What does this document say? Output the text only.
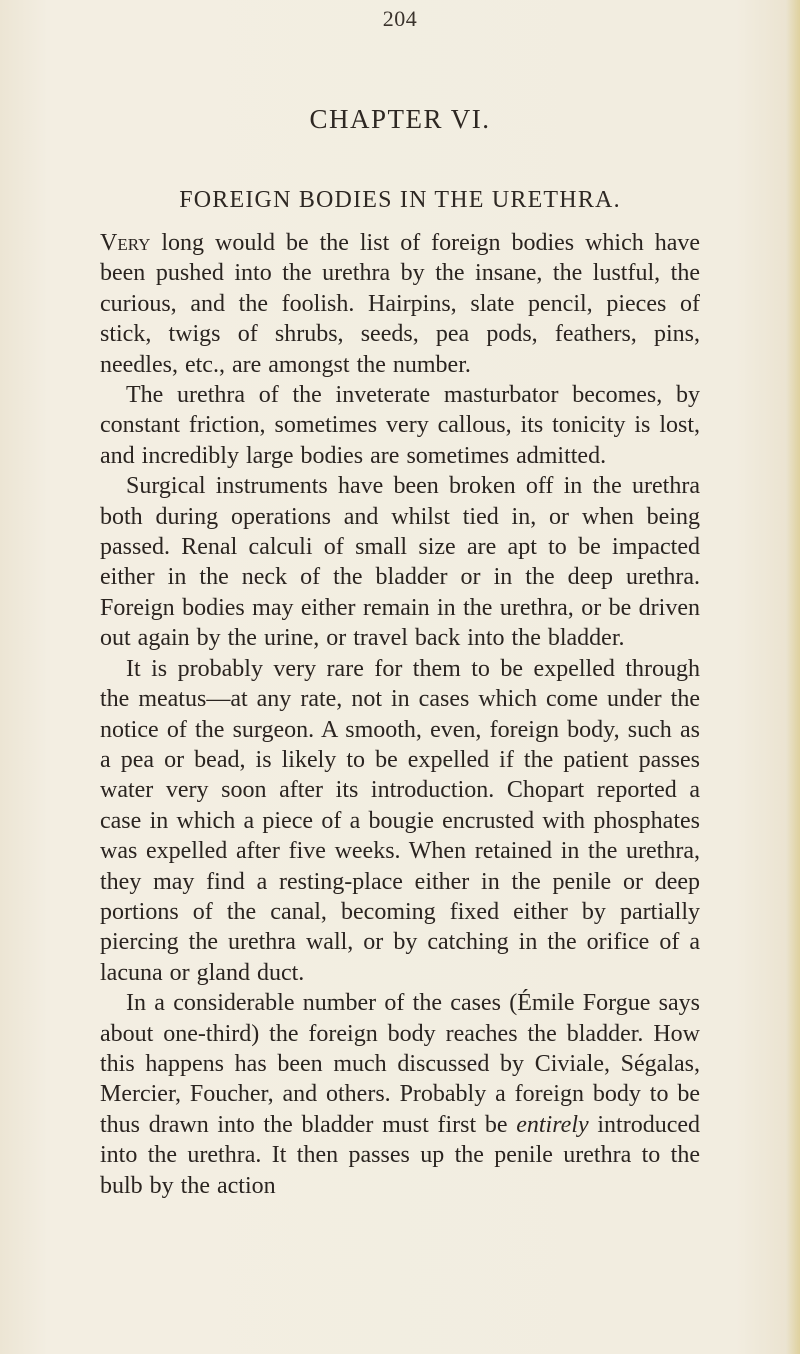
204
CHAPTER VI.
FOREIGN BODIES IN THE URETHRA.

Very long would be the list of foreign bodies which have been pushed into the urethra by the insane, the lustful, the curious, and the foolish. Hairpins, slate pencil, pieces of stick, twigs of shrubs, seeds, pea pods, feathers, pins, needles, etc., are amongst the number.

The urethra of the inveterate masturbator becomes, by constant friction, sometimes very callous, its tonicity is lost, and incredibly large bodies are sometimes admitted.

Surgical instruments have been broken off in the urethra both during operations and whilst tied in, or when being passed. Renal calculi of small size are apt to be impacted either in the neck of the bladder or in the deep urethra. Foreign bodies may either remain in the urethra, or be driven out again by the urine, or travel back into the bladder.

It is probably very rare for them to be expelled through the meatus—at any rate, not in cases which come under the notice of the surgeon. A smooth, even, foreign body, such as a pea or bead, is likely to be expelled if the patient passes water very soon after its introduction. Chopart reported a case in which a piece of a bougie encrusted with phosphates was expelled after five weeks. When retained in the urethra, they may find a resting-place either in the penile or deep portions of the canal, becoming fixed either by partially piercing the urethra wall, or by catching in the orifice of a lacuna or gland duct.

In a considerable number of the cases (Émile Forgue says about one-third) the foreign body reaches the bladder. How this happens has been much discussed by Civiale, Ségalas, Mercier, Foucher, and others. Probably a foreign body to be thus drawn into the bladder must first be entirely introduced into the urethra. It then passes up the penile urethra to the bulb by the action
